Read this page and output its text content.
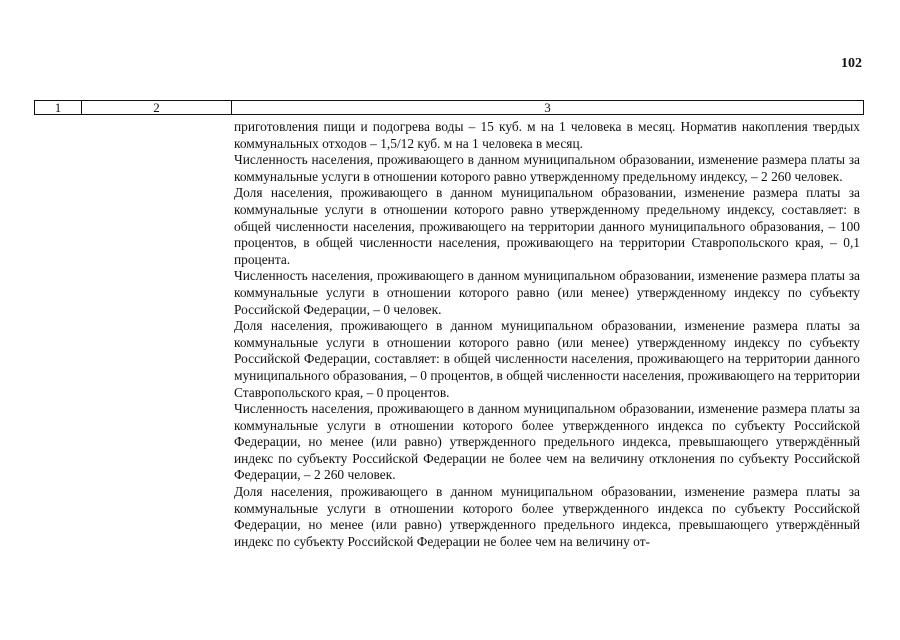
102
1	2	3

приготовления пищи и подогрева воды – 15 куб. м на 1 человека в месяц. Норматив накопления твердых коммунальных отходов – 1,5/12 куб. м на 1 человека в месяц.

Численность населения, проживающего в данном муниципальном образовании, изменение размера платы за коммунальные услуги в отношении которого равно утвержденному предельному индексу, – 2 260 человек.

Доля населения, проживающего в данном муниципальном образовании, изменение размера платы за коммунальные услуги в отношении которого равно утвержденному предельному индексу, составляет: в общей численности населения, проживающего на территории данного муниципального образования, – 100 процентов, в общей численности населения, проживающего на территории Ставропольского края, – 0,1 процента.

Численность населения, проживающего в данном муниципальном образовании, изменение размера платы за коммунальные услуги в отношении которого равно (или менее) утвержденному индексу по субъекту Российской Федерации, – 0 человек.

Доля населения, проживающего в данном муниципальном образовании, изменение размера платы за коммунальные услуги в отношении которого равно (или менее) утвержденному индексу по субъекту Российской Федерации, составляет: в общей численности населения, проживающего на территории данного муниципального образования, – 0 процентов, в общей численности населения, проживающего на территории Ставропольского края, – 0 процентов.

Численность населения, проживающего в данном муниципальном образовании, изменение размера платы за коммунальные услуги в отношении которого более утвержденного индекса по субъекту Российской Федерации, но менее (или равно) утвержденного предельного индекса, превышающего утверждённый индекс по субъекту Российской Федерации не более чем на величину отклонения по субъекту Российской Федерации, – 2 260 человек.

Доля населения, проживающего в данном муниципальном образовании, изменение размера платы за коммунальные услуги в отношении которого более утвержденного индекса по субъекту Российской Федерации, но менее (или равно) утвержденного предельного индекса, превышающего утверждённый индекс по субъекту Российской Федерации не более чем на величину от-
